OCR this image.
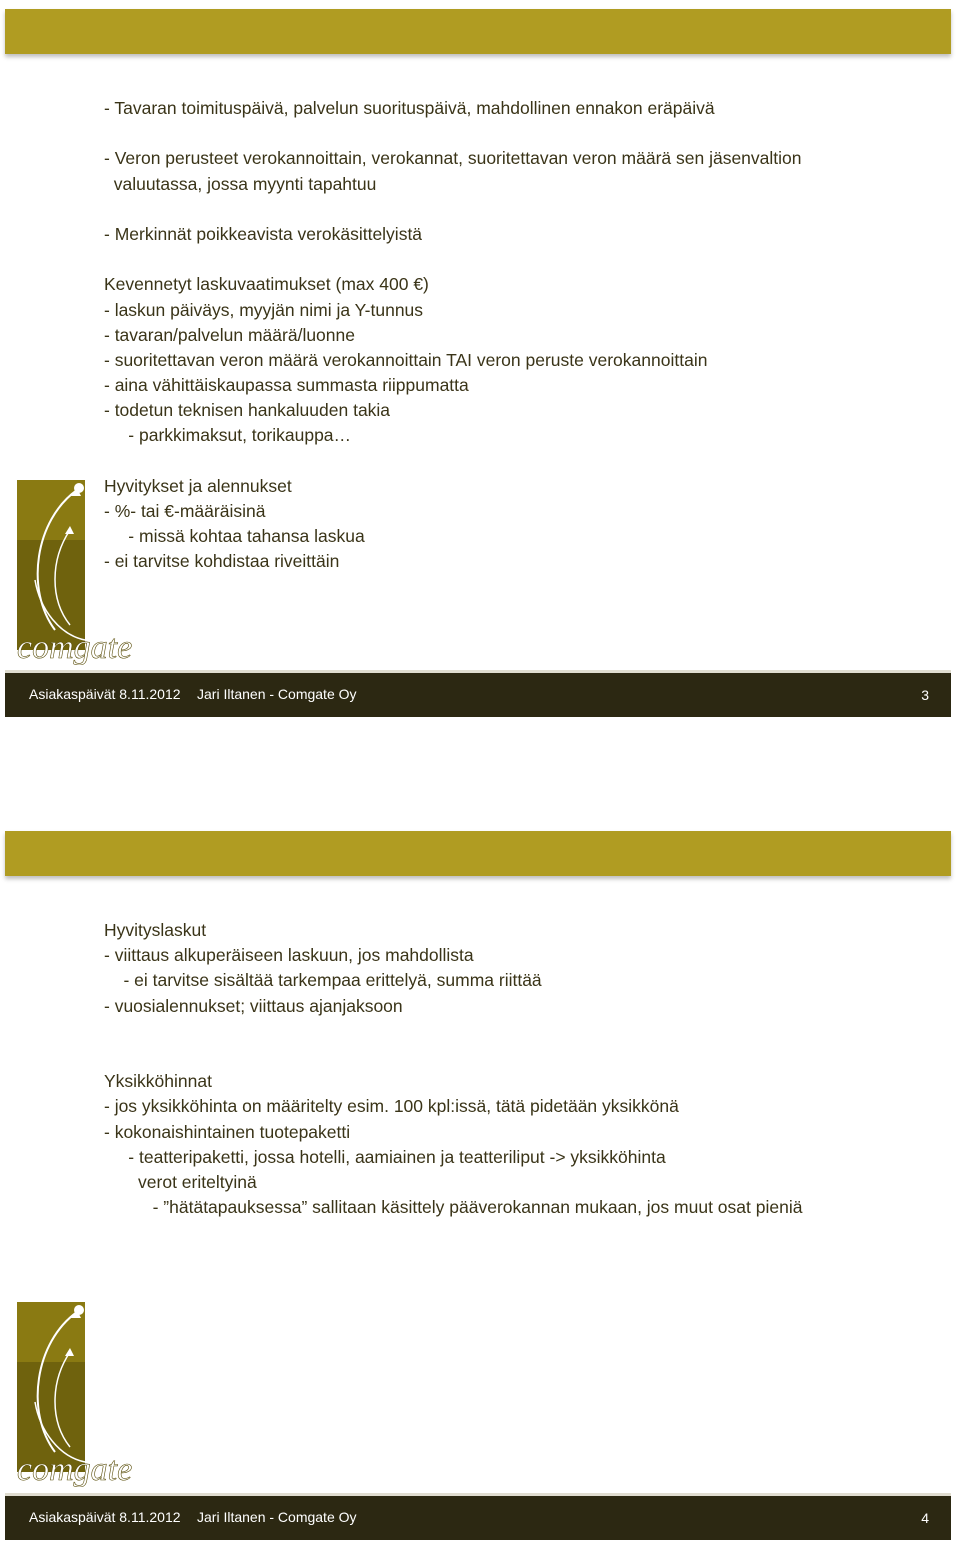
- Tavaran toimituspäivä, palvelun suorituspäivä, mahdollinen ennakon eräpäivä
- Veron perusteet verokannoittain, verokannat, suoritettavan veron määrä sen jäsenvaltion
valuutassa, jossa myynti tapahtuu
- Merkinnät poikkeavista verokäsittelyistä
Kevennetyt laskuvaatimukset (max 400 €)
- laskun päiväys, myyjän nimi ja Y-tunnus
- tavaran/palvelun määrä/luonne
- suoritettavan veron määrä verokannoittain TAI veron peruste verokannoittain
- aina vähittäiskaupassa summasta riippumatta
- todetun teknisen hankaluuden takia
- parkkimaksut, torikauppa…
Hyvitykset ja alennukset
- %- tai €-määräisinä
- missä kohtaa tahansa laskua
- ei tarvitse kohdistaa riveittäin
comgate
Asiakaspäivät 8.11.2012 Jari Iltanen - Comgate Oy	3
Hyvityslaskut
- viittaus alkuperäiseen laskuun, jos mahdollista
- ei tarvitse sisältää tarkempaa erittelyä, summa riittää
- vuosialennukset; viittaus ajanjaksoon
Yksikköhinnat
- jos yksikköhinta on määritelty esim. 100 kpl:issä, tätä pidetään yksikkönä
- kokonaishintainen tuotepaketti
- teatteripaketti, jossa hotelli, aamiainen ja teatteriliput -> yksikköhinta
verot eriteltyinä
- ”hätätapauksessa” sallitaan käsittely pääverokannan mukaan, jos muut osat pieniä
comgate
Asiakaspäivät 8.11.2012 Jari Iltanen - Comgate Oy	4
